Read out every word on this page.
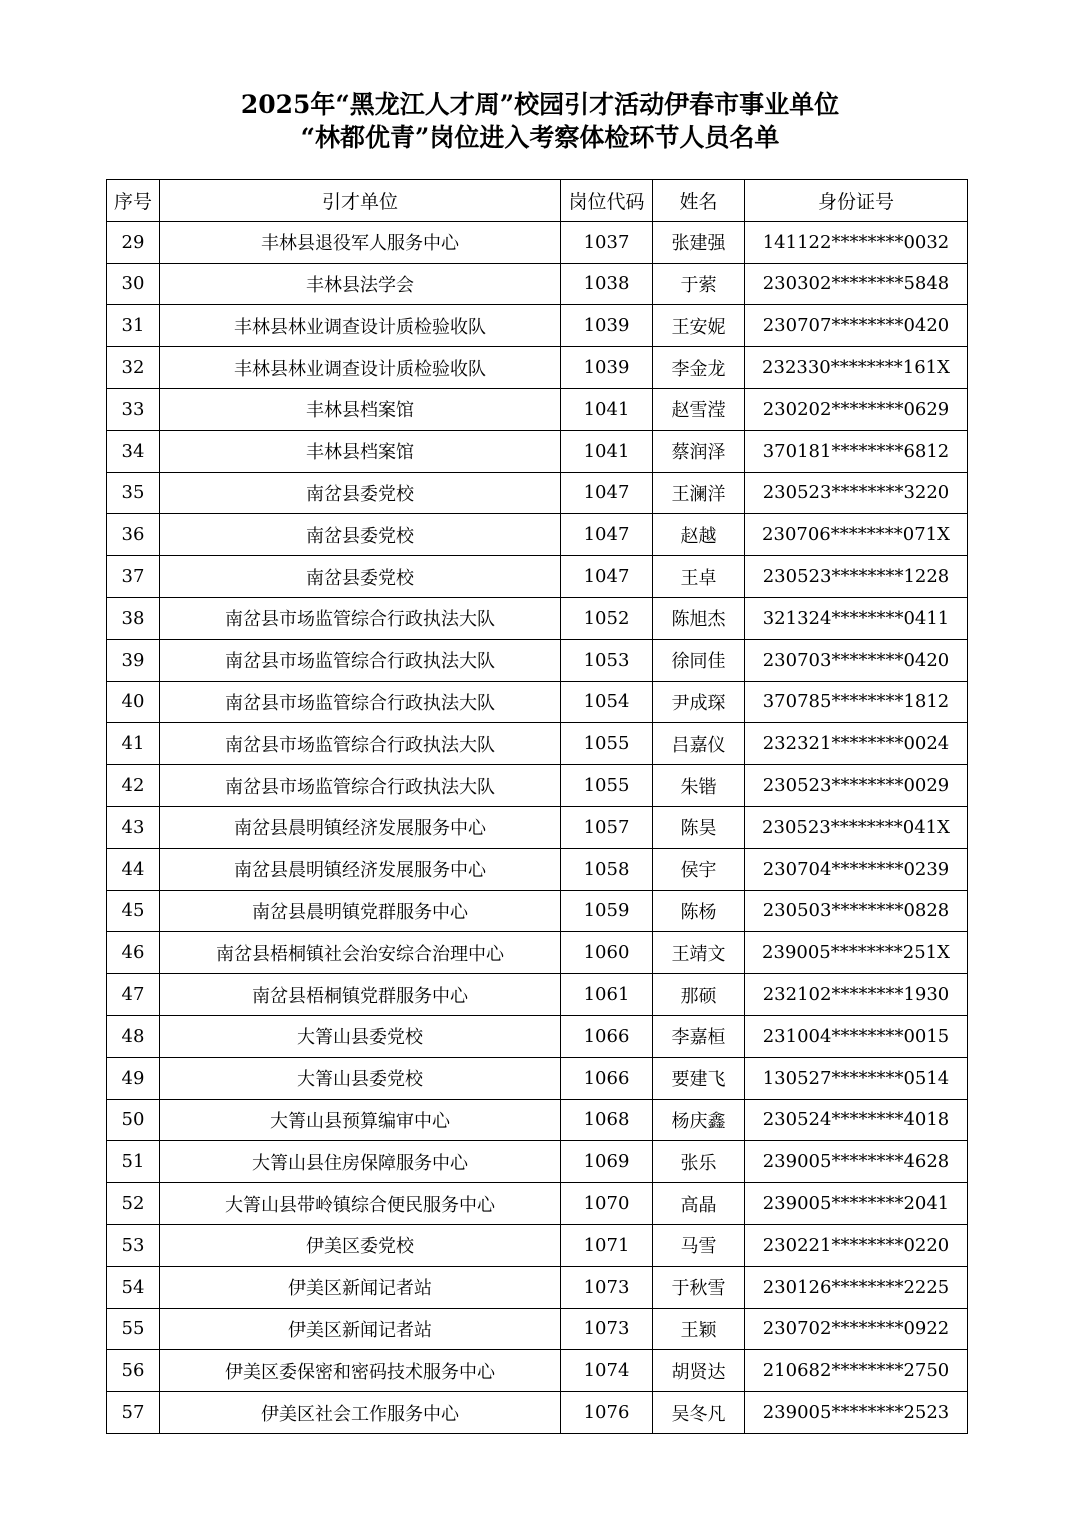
2025年“黑龙江人才周”校园引才活动伊春市事业单位
“林都优青”岗位进入考察体检环节人员名单
序号	引才单位	岗位代码	姓名	身份证号
29	丰林县退役军人服务中心	1037	张建强	141122********0032
30	丰林县法学会	1038	于萦	230302********5848
31	丰林县林业调查设计质检验收队	1039	王安妮	230707********0420
32	丰林县林业调查设计质检验收队	1039	李金龙	232330********161X
33	丰林县档案馆	1041	赵雪滢	230202********0629
34	丰林县档案馆	1041	蔡润泽	370181********6812
35	南岔县委党校	1047	王澜洋	230523********3220
36	南岔县委党校	1047	赵越	230706********071X
37	南岔县委党校	1047	王卓	230523********1228
38	南岔县市场监管综合行政执法大队	1052	陈旭杰	321324********0411
39	南岔县市场监管综合行政执法大队	1053	徐同佳	230703********0420
40	南岔县市场监管综合行政执法大队	1054	尹成琛	370785********1812
41	南岔县市场监管综合行政执法大队	1055	吕嘉仪	232321********0024
42	南岔县市场监管综合行政执法大队	1055	朱锴	230523********0029
43	南岔县晨明镇经济发展服务中心	1057	陈昊	230523********041X
44	南岔县晨明镇经济发展服务中心	1058	侯宇	230704********0239
45	南岔县晨明镇党群服务中心	1059	陈杨	230503********0828
46	南岔县梧桐镇社会治安综合治理中心	1060	王靖文	239005********251X
47	南岔县梧桐镇党群服务中心	1061	那硕	232102********1930
48	大箐山县委党校	1066	李嘉桓	231004********0015
49	大箐山县委党校	1066	要建飞	130527********0514
50	大箐山县预算编审中心	1068	杨庆鑫	230524********4018
51	大箐山县住房保障服务中心	1069	张乐	239005********4628
52	大箐山县带岭镇综合便民服务中心	1070	高晶	239005********2041
53	伊美区委党校	1071	马雪	230221********0220
54	伊美区新闻记者站	1073	于秋雪	230126********2225
55	伊美区新闻记者站	1073	王颖	230702********0922
56	伊美区委保密和密码技术服务中心	1074	胡贤达	210682********2750
57	伊美区社会工作服务中心	1076	吴冬凡	239005********2523
